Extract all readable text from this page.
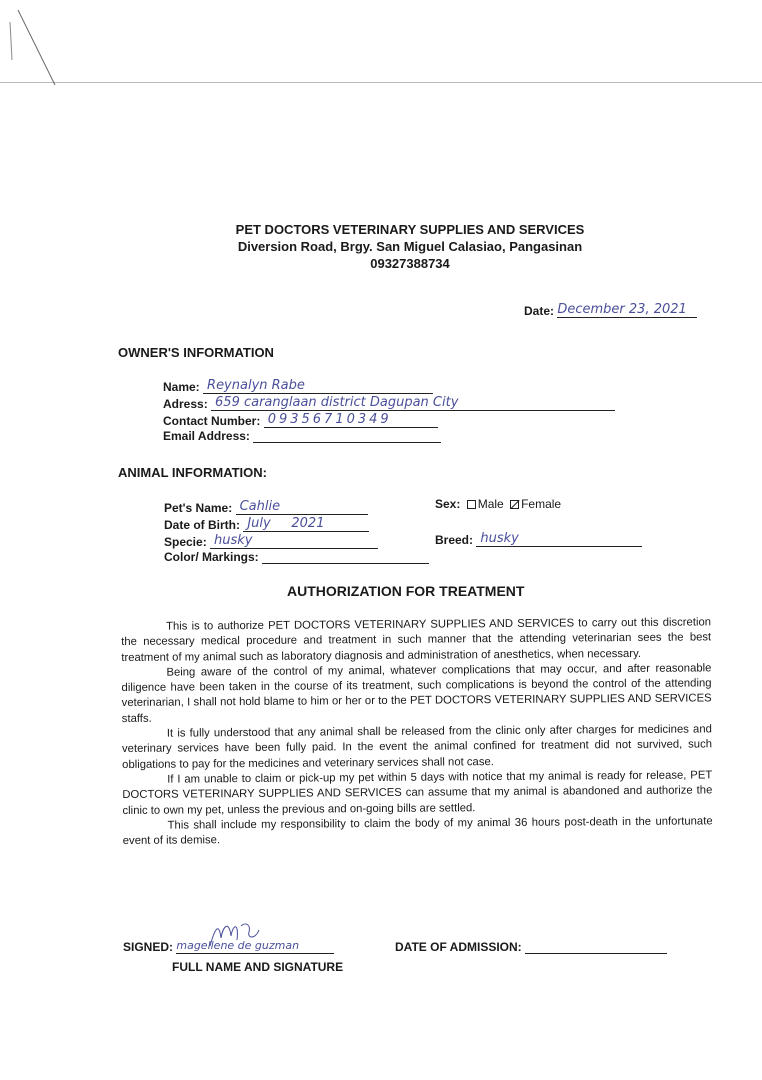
PET DOCTORS VETERINARY SUPPLIES AND SERVICES
Diversion Road, Brgy. San Miguel Calasiao, Pangasinan
09327388734
Date: December 23, 2021
OWNER'S INFORMATION
Name: Reynalyn Rabe
Adress: 659 caranglaan district Dagupan City
Contact Number: 09356710349
Email Address:
ANIMAL INFORMATION:
Pet's Name: Cahlie
Date of Birth: July     2021
Specie: husky
Color/ Markings:
Sex: Male Female
Breed: husky
AUTHORIZATION FOR TREATMENT

This is to authorize PET DOCTORS VETERINARY SUPPLIES AND SERVICES to carry out this discretion the necessary medical procedure and treatment in such manner that the attending veterinarian sees the best treatment of my animal such as laboratory diagnosis and administration of anesthetics, when necessary.

Being aware of the control of my animal, whatever complications that may occur, and after reasonable diligence have been taken in the course of its treatment, such complications is beyond the control of the attending veterinarian, I shall not hold blame to him or her or to the PET DOCTORS VETERINARY SUPPLIES AND SERVICES staffs.

It is fully understood that any animal shall be released from the clinic only after charges for medicines and veterinary services have been fully paid. In the event the animal confined for treatment did not survived, such obligations to pay for the medicines and veterinary services shall not case.

If I am unable to claim or pick-up my pet within 5 days with notice that my animal is ready for release, PET DOCTORS VETERINARY SUPPLIES AND SERVICES can assume that my animal is abandoned and authorize the clinic to own my pet, unless the previous and on-going bills are settled.

This shall include my responsibility to claim the body of my animal 36 hours post-death in the unfortunate event of its demise.

SIGNED: magellene de guzman
FULL NAME AND SIGNATURE
DATE OF ADMISSION:
